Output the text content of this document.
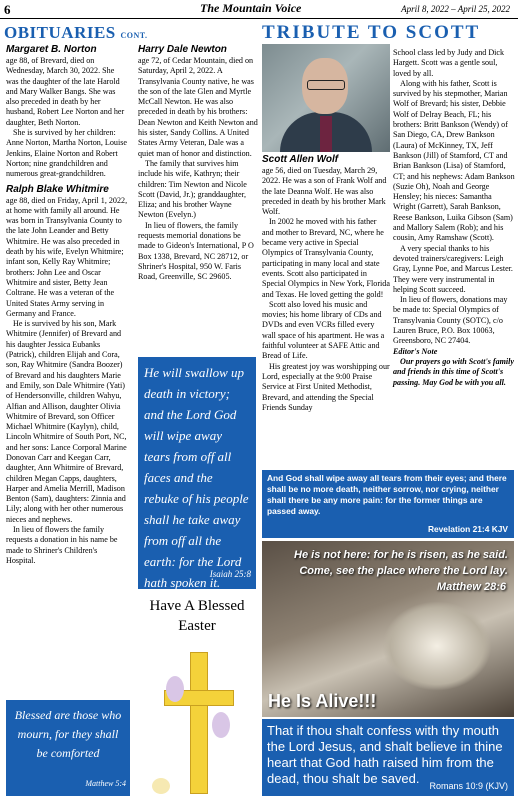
6	The Mountain Voice	April 8, 2022 – April 25, 2022
OBITUARIES CONT.
Margaret B. Norton

age 88, of Brevard, died on Wednesday, March 30, 2022. She was the daughter of the late Harold and Mary Walker Bangs. She was also preceded in death by her husband, Robert Lee Norton and her daughter, Beth Norton.

She is survived by her children: Anne Norton, Martha Norton, Louise Jenkins, Elaine Norton and Robert Norton; nine grandchildren and numerous great-grandchildren.

Ralph Blake Whitmire

age 88, died on Friday, April 1, 2022, at home with family all around. He was born in Transylvania County to the late John Leander and Betty Whitmire. He was also preceded in death by his wife, Evelyn Whitmire; infant son, Kelly Ray Whitmire; brothers: John Lee and Oscar Whitmire and sister, Betty Jean Coltrane. He was a veteran of the United States Army serving in Germany and France.

He is survived by his son, Mark Whitmire (Jennifer) of Brevard and his daughter Jessica Eubanks (Patrick), children Elijah and Cora, son, Ray Whitmire (Sandra Boozer) of Brevard and his daughters Marie and Emily, son Dale Whitmire (Yati) of Hendersonville, children Wahyu, Alfian and Allison, daughter Olivia Whitmire of Brevard, son Officer Michael Whitmire (Kaylyn), child, Lincoln Whitmire of South Port, NC, and her sons: Lance Corporal Marine Donovan Carr and Keegan Carr, daughter, Ann Whitmire of Brevard, children Megan Capps, daughters, Harper and Amelia Merrill, Madison Benton (Sam), daughters: Zinnia and Lily; along with her other numerous nieces and nephews.

In lieu of flowers the family requests a donation in his name be made to Shriner's Children's Hospital.

Blessed are those who mourn, for they shall be comforted
Matthew 5:4
Harry Dale Newton

age 72, of Cedar Mountain, died on Saturday, April 2, 2022. A Transylvania County native, he was the son of the late Glen and Myrtle McCall Newton. He was also preceded in death by his brothers: Dean Newton and Keith Newton and his sister, Sandy Collins. A United States Army Veteran, Dale was a quiet man of honor and distinction.

The family that survives him include his wife, Kathryn; their children: Tim Newton and Nicole Scott (David, Jr.); granddaughter, Eliza; and his brother Wayne Newton (Evelyn.)

In lieu of flowers, the family requests memorial donations be made to Gideon's International, P O Box 1338, Brevard, NC 28712, or Shriner's Hospital, 950 W. Faris Road, Greenville, SC 29605.

He will swallow up death in victory; and the Lord God will wipe away tears from off all faces and the rebuke of his people shall he take away from off all the earth: for the Lord hath spoken it.
Isaiah 25:8
Have A Blessed Easter
TRIBUTE TO SCOTT
Scott Allen Wolf

age 56, died on Tuesday, March 29, 2022. He was a son of Frank Wolf and the late Deanna Wolf. He was also preceded in death by his brother Mark Wolf.

In 2002 he moved with his father and mother to Brevard, NC, where he became very active in Special Olympics of Transylvania County, participating in many local and state events. Scott also participated in Special Olympics in New York, Florida and Texas. He loved getting the gold!

Scott also loved his music and movies; his home library of CDs and DVDs and even VCRs filled every wall space of his apartment. He was a faithful volunteer at SAFE Attic and Bread of Life.

His greatest joy was worshipping our Lord, especially at the 9:00 Praise Service at First United Methodist, Brevard, and attending the Special Friends Sunday

School class led by Judy and Dick Hargett. Scott was a gentle soul, loved by all.

Along with his father, Scott is survived by his stepmother, Marian Wolf of Brevard; his sister, Debbie Wolf of Delray Beach, FL; his brothers: Britt Bankson (Wendy) of San Diego, CA, Drew Bankson (Laura) of McKinney, TX, Jeff Bankson (Jill) of Stamford, CT and Brian Bankson (Lisa) of Stamford, CT; and his nephews: Adam Bankson (Suzie Oh), Noah and George Hensley; his nieces: Samantha Wright (Garrett), Sarah Bankson, Reese Bankson, Luika Gibson (Sam) and Mallory Salem (Rob); and his cousin, Amy Ramshaw (Scott).

A very special thanks to his devoted trainers/caregivers: Leigh Gray, Lynne Poe, and Marcus Lester. They were very instrumental in helping Scott succeed.

In lieu of flowers, donations may be made to: Special Olympics of Transylvania County (SOTC), c/o Lauren Bruce, P.O. Box 10063, Greensboro, NC 27404.

Editor's Note

Our prayers go with Scott's family and friends in this time of Scott's passing. May God be with you all.

And God shall wipe away all tears from their eyes; and there shall be no more death, neither sorrow, nor crying, neither shall there be any more pain: for the former things are passed away.
Revelation 21:4 KJV
He is not here: for he is risen, as he said. Come, see the place where the Lord lay.
Matthew 28:6
He Is Alive!!!
That if thou shalt confess with thy mouth the Lord Jesus, and shalt believe in thine heart that God hath raised him from the dead, thou shalt be saved.	Romans 10:9 (KJV)
